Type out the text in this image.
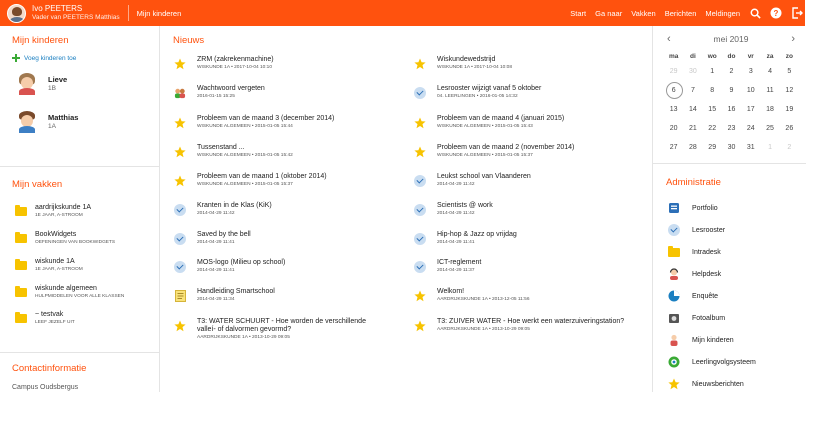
Ivo PEETERS
Vader van PEETERS Matthias Mijn kinderen	Start Ga naar Vakken Berichten Meldingen	?
Mijn kinderen
Voeg kinderen toe
Lieve
1B
Matthias
1A
Mijn vakken
aardrijkskunde 1A
1E JAAR, A-STROOM
BookWidgets
OEFENINGEN VAN BOOKWIDGETS
wiskunde 1A
1E JAAR, A-STROOM
wiskunde algemeen
HULPMIDDELEN VOOR ALLE KLASSEN
~ testvak
LEEF JEZELF UIT
Contactinformatie
Campus Oudsbergus
Nieuws
ZRM (zakrekenmachine)
WISKUNDE 1A • 2017-10-04 10:10
Wachtwoord vergeten
2016-01-15 15:25
Probleem van de maand 3 (december 2014)
WISKUNDE ALGEMEEN • 2015-01-05 15:44
Tussenstand ...
WISKUNDE ALGEMEEN • 2015-01-05 15:42
Probleem van de maand 1 (oktober 2014)
WISKUNDE ALGEMEEN • 2015-01-05 15:37
Kranten in de Klas (KiK)
2014-04-29 11:42
Saved by the bell
2014-04-29 11:41
MOS-logo (Milieu op school)
2014-04-29 11:41
Handleiding Smartschool
2014-04-29 11:34
T3: WATER SCHUURT - Hoe worden de verschillende
valleí- of dalvormen gevormd?
AARDRIJKSKUNDE 1A • 2013-10-29 09:05
Wiskundewedstrijd
WISKUNDE 1A • 2017-10-04 10:08
Lesrooster wijzigt vanaf 5 oktober
04. LEERLINGEN • 2016-01-05 14:32
Probleem van de maand 4 (januari 2015)
WISKUNDE ALGEMEEN • 2015-01-05 15:43
Probleem van de maand 2 (november 2014)
WISKUNDE ALGEMEEN • 2015-01-05 15:37
Leukst school van Vlaanderen
2014-04-29 11:42
Scientists @ work
2014-04-29 11:42
Hip-hop & Jazz op vrijdag
2014-04-29 11:41
ICT-reglement
2014-04-29 11:37
Welkom!
AARDRIJKSKUNDE 1A • 2013-12-05 11:56
T3: ZUIVER WATER - Hoe werkt een waterzuiveringstation?
AARDRIJKSKUNDE 1A • 2013-10-29 09:05
‹	mei 2019	›
ma	di	wo	do	vr	za	zo
29	30	1	2	3	4	5
6	7	8	9	10	11	12
13	14	15	16	17	18	19
20	21	22	23	24	25	26
27	28	29	30	31	1	2
Administratie
Portfolio
Lesrooster
Intradesk
Helpdesk
Enquête
Fotoalbum
Mijn kinderen
Leerlingvolgsysteem
Nieuwsberichten
